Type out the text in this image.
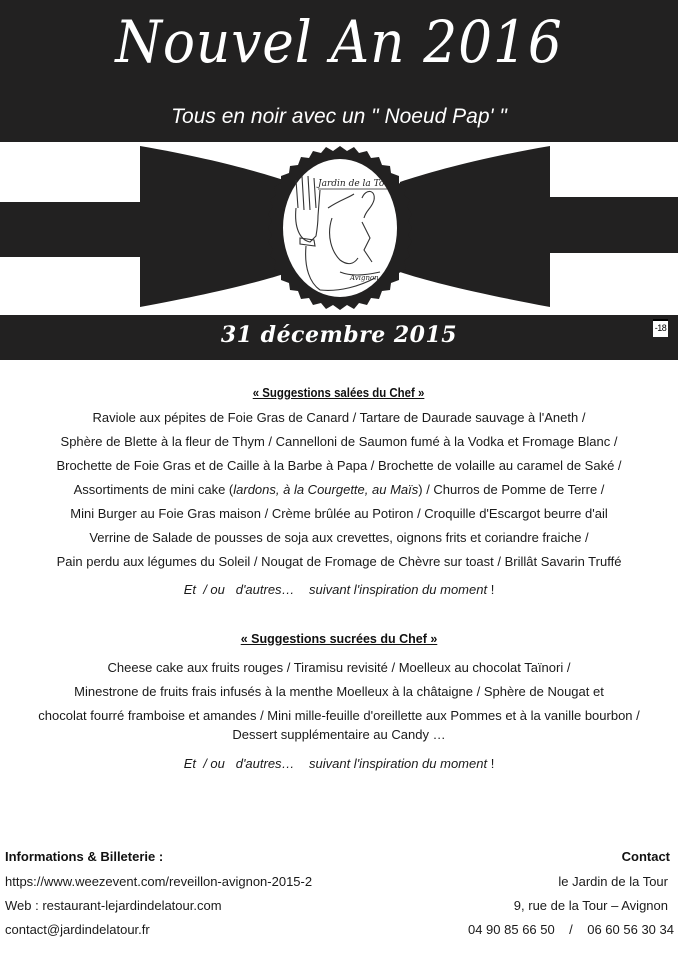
Nouvel An 2016
Tous en noir avec un " Noeud Pap' "
Jardin de la Tour
Avignon
31 décembre 2015	-18
« Suggestions salées du Chef »
Raviole aux pépites de Foie Gras de Canard / Tartare de Daurade sauvage à l'Aneth /
Sphère de Blette à la fleur de Thym / Cannelloni de Saumon fumé à la Vodka et Fromage Blanc /
Brochette de Foie Gras et de Caille à la Barbe à Papa / Brochette de volaille au caramel de Saké /
Assortiments de mini cake (lardons, à la Courgette, au Maïs) / Churros de Pomme de Terre /
Mini Burger au Foie Gras maison / Crème brûlée au Potiron / Croquille d'Escargot beurre d'ail
Verrine de Salade de pousses de soja aux crevettes, oignons frits et coriandre fraiche /
Pain perdu aux légumes du Soleil / Nougat de Fromage de Chèvre sur toast / Brillât Savarin Truffé
Et  / ou   d'autres…    suivant l'inspiration du moment !
« Suggestions sucrées du Chef »
Cheese cake aux fruits rouges / Tiramisu revisité / Moelleux au chocolat Taïnori /
Minestrone de fruits frais infusés à la menthe Moelleux à la châtaigne / Sphère de Nougat et
chocolat fourré framboise et amandes / Mini mille-feuille d'oreillette aux Pommes et à la vanille bourbon /
Dessert supplémentaire au Candy …
Et  / ou   d'autres…    suivant l'inspiration du moment !
Informations & Billeterie :
https://www.weezevent.com/reveillon-avignon-2015-2
Web : restaurant-lejardindelatour.com
contact@jardindelatour.fr
Contact
le Jardin de la Tour
9, rue de la Tour – Avignon
04 90 85 66 50    /    06 60 56 30 34
